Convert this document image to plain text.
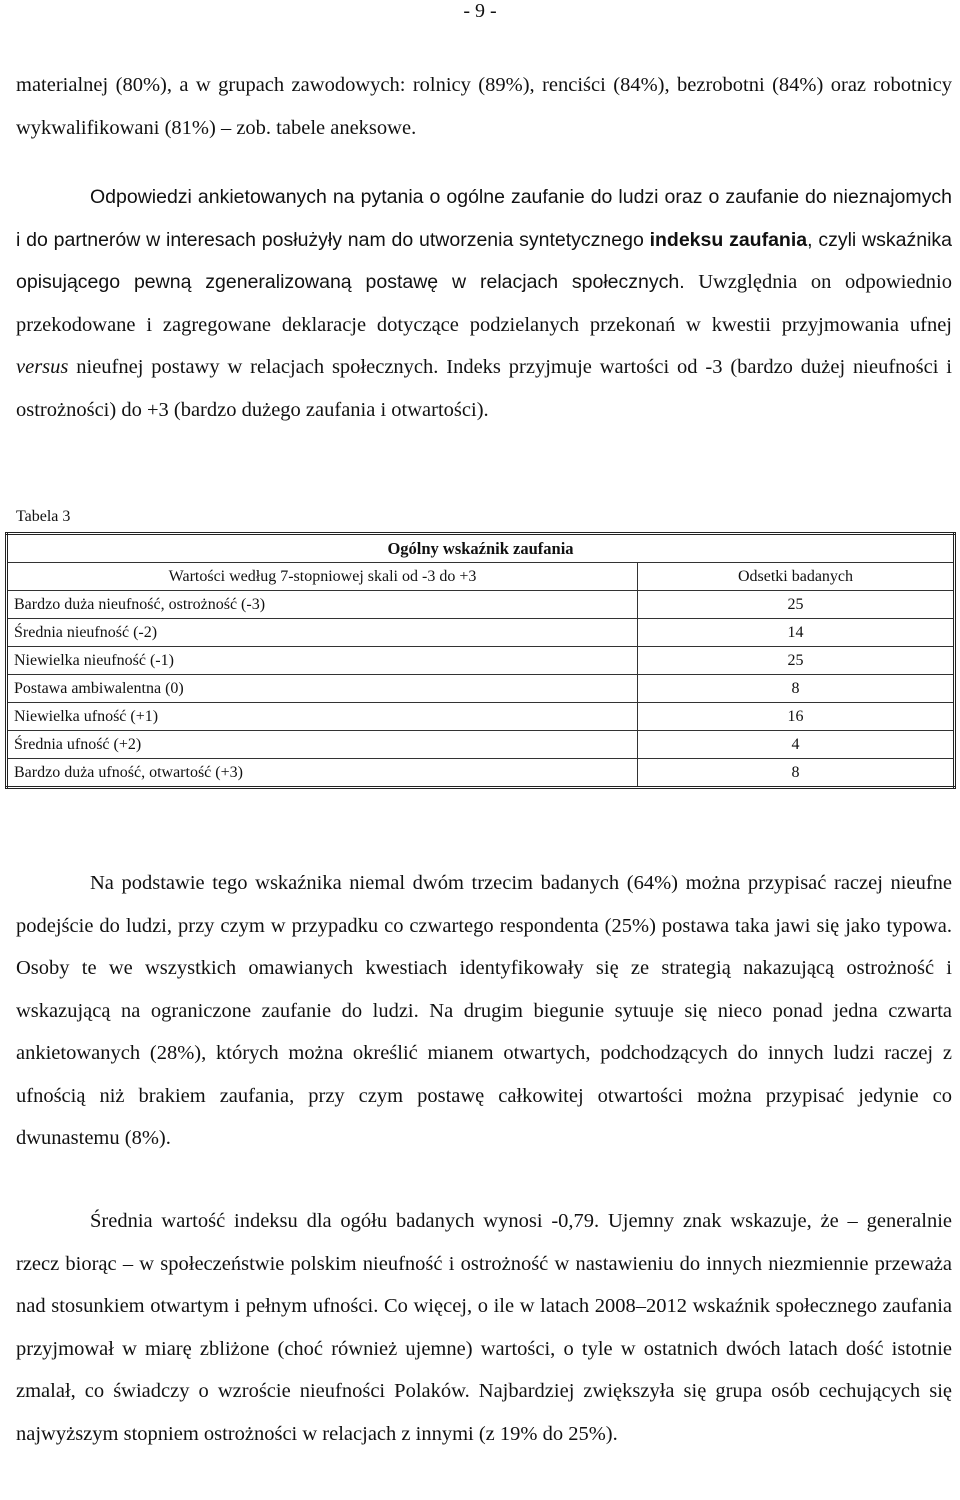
- 9 -

materialnej (80%), a w grupach zawodowych: rolnicy (89%), renciści (84%), bezrobotni (84%) oraz robotnicy wykwalifikowani (81%) – zob. tabele aneksowe.

Odpowiedzi ankietowanych na pytania o ogólne zaufanie do ludzi oraz o zaufanie do nieznajomych i do partnerów w interesach posłużyły nam do utworzenia syntetycznego indeksu zaufania, czyli wskaźnika opisującego pewną zgeneralizowaną postawę w relacjach społecznych. Uwzględnia on odpowiednio przekodowane i zagregowane deklaracje dotyczące podzielanych przekonań w kwestii przyjmowania ufnej versus nieufnej postawy w relacjach społecznych. Indeks przyjmuje wartości od -3 (bardzo dużej nieufności i ostrożności) do +3 (bardzo dużego zaufania i otwartości).

Tabela 3

Ogólny wskaźnik zaufania	
Wartości według 7-stopniowej skali od -3 do +3	Odsetki badanych
Bardzo duża nieufność, ostrożność (-3)	25
Średnia nieufność (-2)	14
Niewielka nieufność (-1)	25
Postawa ambiwalentna (0)	8
Niewielka ufność (+1)	16
Średnia ufność (+2)	4
Bardzo duża ufność, otwartość (+3)	8

Na podstawie tego wskaźnika niemal dwóm trzecim badanych (64%) można przypisać raczej nieufne podejście do ludzi, przy czym w przypadku co czwartego respondenta (25%) postawa taka jawi się jako typowa. Osoby te we wszystkich omawianych kwestiach identyfikowały się ze strategią nakazującą ostrożność i wskazującą na ograniczone zaufanie do ludzi. Na drugim biegunie sytuuje się nieco ponad jedna czwarta ankietowanych (28%), których można określić mianem otwartych, podchodzących do innych ludzi raczej z ufnością niż brakiem zaufania, przy czym postawę całkowitej otwartości można przypisać jedynie co dwunastemu (8%).

Średnia wartość indeksu dla ogółu badanych wynosi -0,79. Ujemny znak wskazuje, że – generalnie rzecz biorąc – w społeczeństwie polskim nieufność i ostrożność w nastawieniu do innych niezmiennie przeważa nad stosunkiem otwartym i pełnym ufności. Co więcej, o ile w latach 2008–2012 wskaźnik społecznego zaufania przyjmował w miarę zbliżone (choć również ujemne) wartości, o tyle w ostatnich dwóch latach dość istotnie zmalał, co świadczy o wzroście nieufności Polaków. Najbardziej zwiększyła się grupa osób cechujących się najwyższym stopniem ostrożności w relacjach z innymi (z 19% do 25%).
